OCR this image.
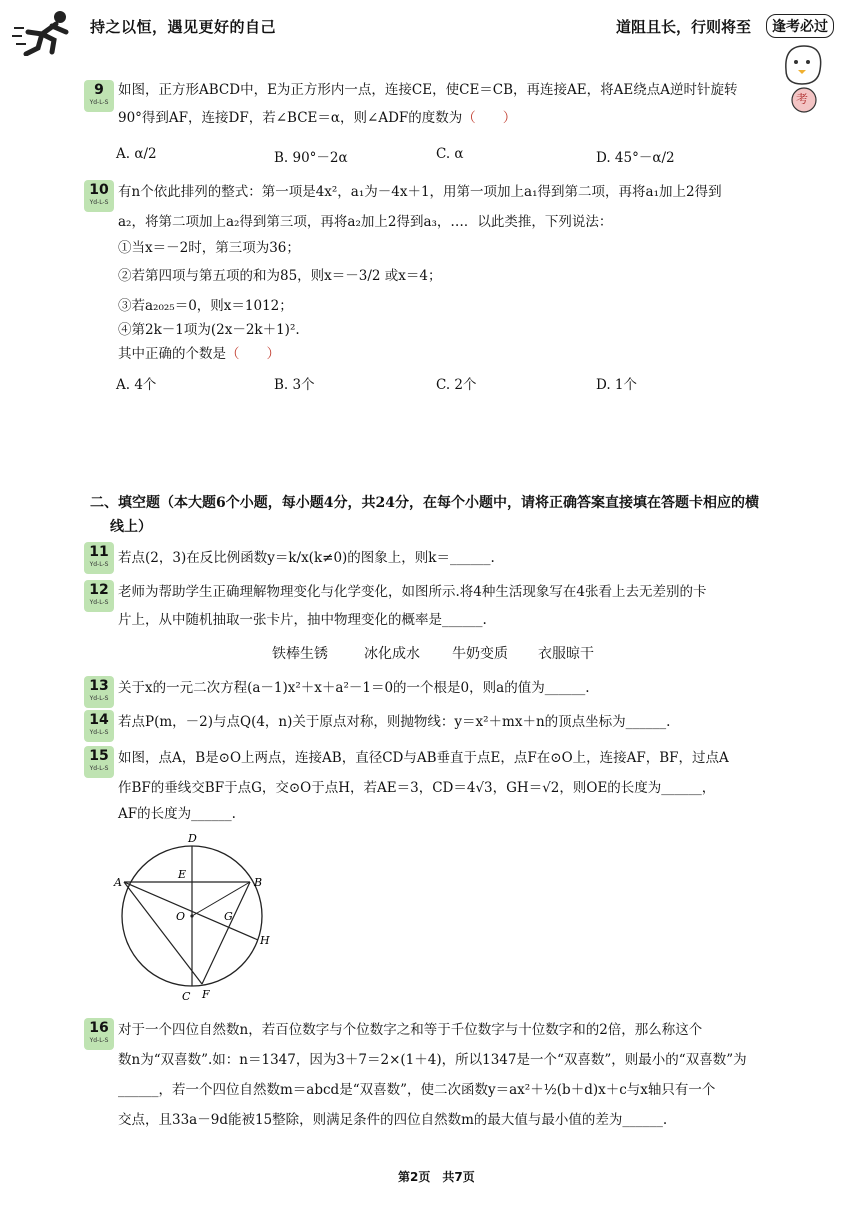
持之以恒，遇见更好的自己	道阻且长，行则将至	逢考必过
考
9
Yd-L-S
如图，正方形ABCD中，E为正方形内一点，连接CE，使CE＝CB，再连接AE，将AE绕点A逆时针旋转
90°得到AF，连接DF，若∠BCE＝α，则∠ADF的度数为（　　）
A. α/2	B. 90°－2α	C. α	D. 45°－α/2
10
Yd-L-S
有n个依此排列的整式：第一项是4x²，a₁为－4x＋1，用第一项加上a₁得到第二项，再将a₁加上2得到
a₂，将第二项加上a₂得到第三项，再将a₂加上2得到a₃，…．以此类推，下列说法：
①当x＝－2时，第三项为36；
②若第四项与第五项的和为85，则x＝－3/2 或x＝4；
③若a₂₀₂₅＝0，则x＝1012；
④第2k－1项为(2x－2k＋1)².
其中正确的个数是（　　）
A. 4个	B. 3个	C. 2个	D. 1个
二、填空题（本大题6个小题，每小题4分，共24分，在每个小题中，请将正确答案直接填在答题卡相应的横
线上）
11
Yd-L-S 若点(2，3)在反比例函数y＝k/x(k≠0)的图象上，则k＝______.
12
Yd-L-S
老师为帮助学生正确理解物理变化与化学变化，如图所示.将4种生活现象写在4张看上去无差别的卡
片上，从中随机抽取一张卡片，抽中物理变化的概率是______.
铁棒生锈	冰化成水 牛奶变质 衣服晾干
13
Yd-L-S
关于x的一元二次方程(a－1)x²＋x＋a²－1＝0的一个根是0，则a的值为______.
14
Yd-L-S
若点P(m，－2)与点Q(4，n)关于原点对称，则抛物线：y＝x²＋mx＋n的顶点坐标为______.
15
Yd-L-S
如图，点A，B是⊙O上两点，连接AB，直径CD与AB垂直于点E，点F在⊙O上，连接AF，BF，过点A
作BF的垂线交BF于点G，交⊙O于点H，若AE＝3，CD＝4√3，GH＝√2，则OE的长度为______，
AF的长度为______.
A	B
D
E
O	G
H
C F
16
Yd-L-S
对于一个四位自然数n，若百位数字与个位数字之和等于千位数字与十位数字和的2倍，那么称这个
数n为“双喜数”.如：n＝1347，因为3＋7＝2×(1＋4)，所以1347是一个“双喜数”，则最小的“双喜数”为
______，若一个四位自然数m＝abcd是“双喜数”，使二次函数y＝ax²＋½(b＋d)x＋c与x轴只有一个
交点，且33a－9d能被15整除，则满足条件的四位自然数m的最大值与最小值的差为______.
第2页　共7页
